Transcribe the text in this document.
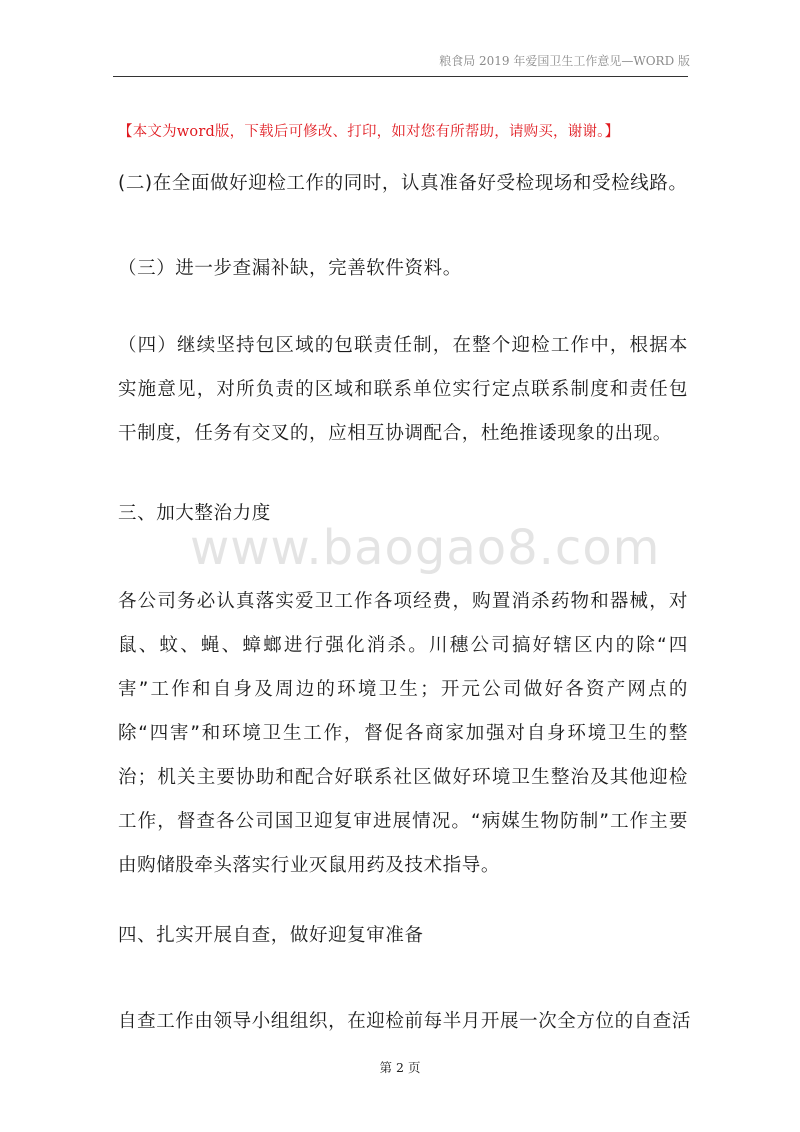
粮食局 2019 年爱国卫生工作意见—WORD 版
【本文为word版，下载后可修改、打印，如对您有所帮助，请购买，谢谢。】

(二)在全面做好迎检工作的同时，认真准备好受检现场和受检线路。

（三）进一步查漏补缺，完善软件资料。

（四）继续坚持包区域的包联责任制，在整个迎检工作中，根据本实施意见，对所负责的区域和联系单位实行定点联系制度和责任包干制度，任务有交叉的，应相互协调配合，杜绝推诿现象的出现。

三、加大整治力度

www.baogao8.com

各公司务必认真落实爱卫工作各项经费，购置消杀药物和器械，对鼠、蚊、蝇、蟑螂进行强化消杀。川穗公司搞好辖区内的除“四害”工作和自身及周边的环境卫生；开元公司做好各资产网点的除“四害”和环境卫生工作，督促各商家加强对自身环境卫生的整治；机关主要协助和配合好联系社区做好环境卫生整治及其他迎检工作，督查各公司国卫迎复审进展情况。“病媒生物防制”工作主要由购储股牵头落实行业灭鼠用药及技术指导。

四、扎实开展自查，做好迎复审准备

自查工作由领导小组组织，在迎检前每半月开展一次全方位的自查活

第 2 页
